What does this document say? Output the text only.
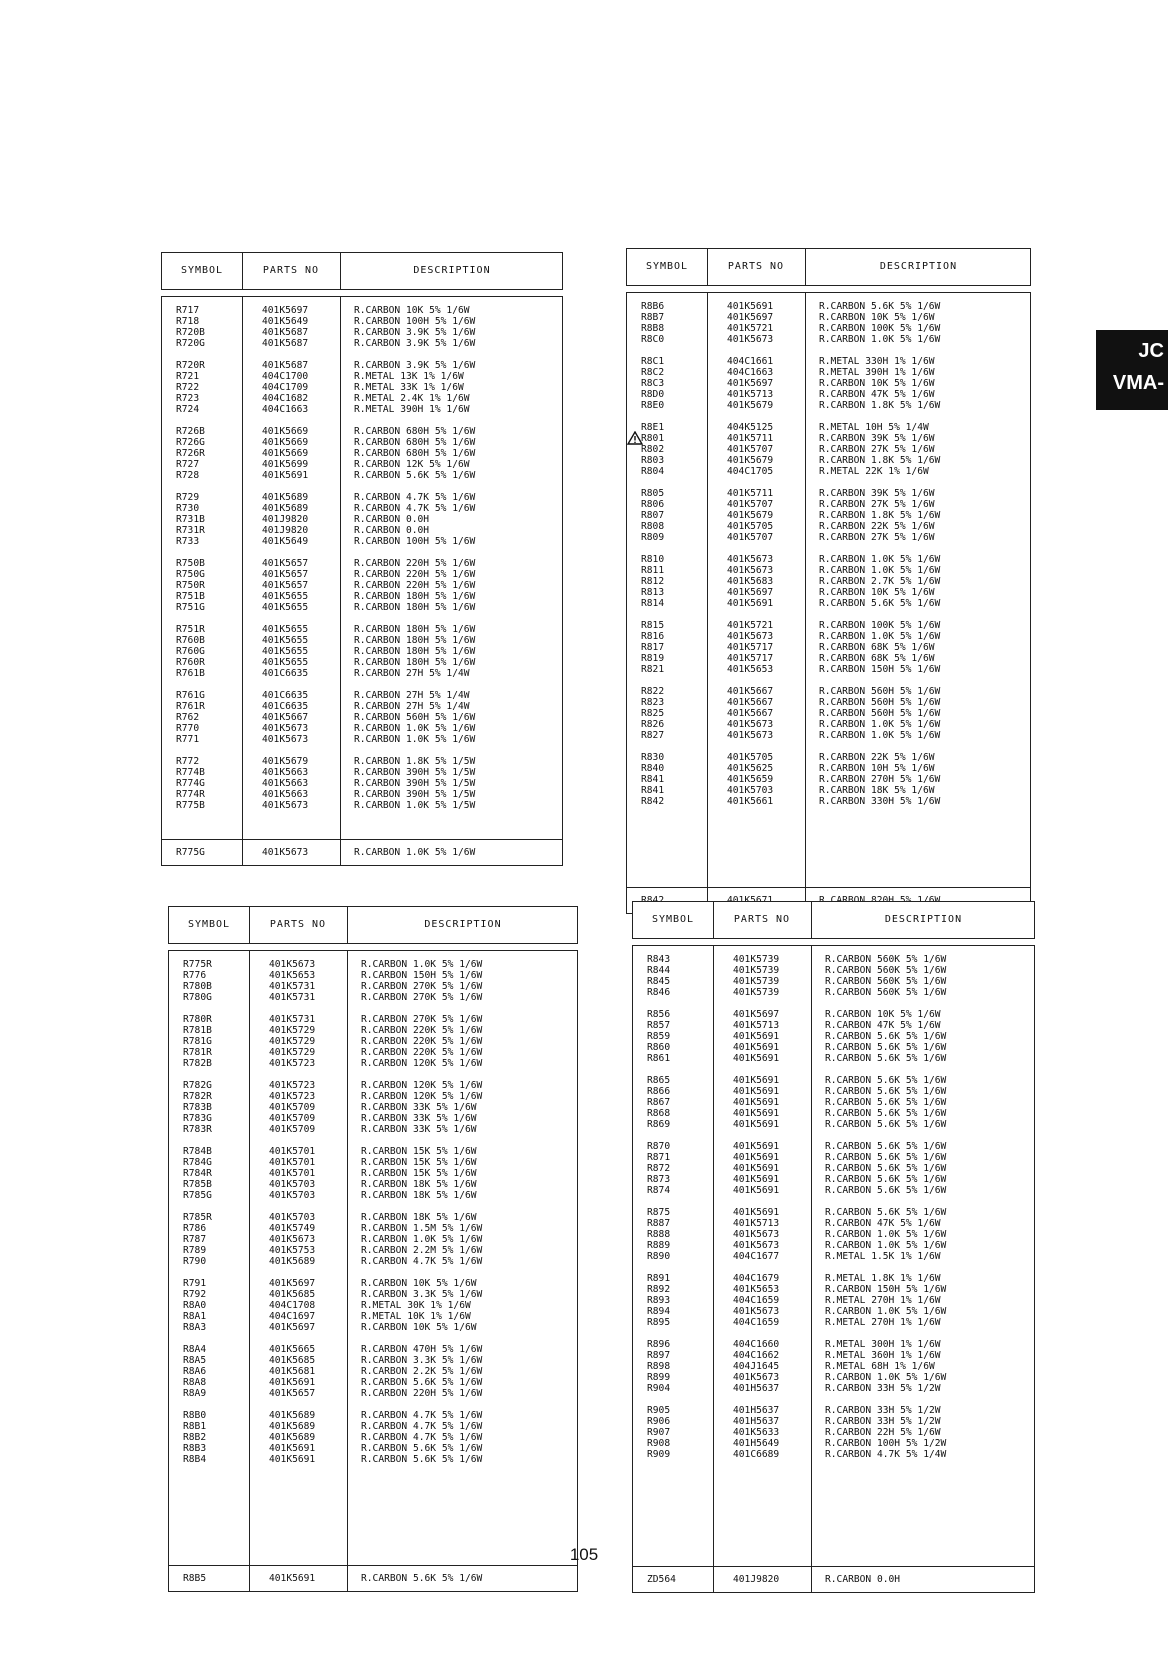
SYMBOL	PARTS NO	DESCRIPTION
R717	401K5697	R.CARBON 10K 5% 1/6W
R718	401K5649	R.CARBON 100H 5% 1/6W
R720B	401K5687	R.CARBON 3.9K 5% 1/6W
R720G	401K5687	R.CARBON 3.9K 5% 1/6W
R720R	401K5687	R.CARBON 3.9K 5% 1/6W
R721	404C1700	R.METAL 13K 1% 1/6W
R722	404C1709	R.METAL 33K 1% 1/6W
R723	404C1682	R.METAL 2.4K 1% 1/6W
R724	404C1663	R.METAL 390H 1% 1/6W
R726B	401K5669	R.CARBON 680H 5% 1/6W
R726G	401K5669	R.CARBON 680H 5% 1/6W
R726R	401K5669	R.CARBON 680H 5% 1/6W
R727	401K5699	R.CARBON 12K 5% 1/6W
R728	401K5691	R.CARBON 5.6K 5% 1/6W
R729	401K5689	R.CARBON 4.7K 5% 1/6W
R730	401K5689	R.CARBON 4.7K 5% 1/6W
R731B	401J9820	R.CARBON 0.0H
R731R	401J9820	R.CARBON 0.0H
R733	401K5649	R.CARBON 100H 5% 1/6W
R750B	401K5657	R.CARBON 220H 5% 1/6W
R750G	401K5657	R.CARBON 220H 5% 1/6W
R750R	401K5657	R.CARBON 220H 5% 1/6W
R751B	401K5655	R.CARBON 180H 5% 1/6W
R751G	401K5655	R.CARBON 180H 5% 1/6W
R751R	401K5655	R.CARBON 180H 5% 1/6W
R760B	401K5655	R.CARBON 180H 5% 1/6W
R760G	401K5655	R.CARBON 180H 5% 1/6W
R760R	401K5655	R.CARBON 180H 5% 1/6W
R761B	401C6635	R.CARBON 27H 5% 1/4W
R761G	401C6635	R.CARBON 27H 5% 1/4W
R761R	401C6635	R.CARBON 27H 5% 1/4W
R762	401K5667	R.CARBON 560H 5% 1/6W
R770	401K5673	R.CARBON 1.0K 5% 1/6W
R771	401K5673	R.CARBON 1.0K 5% 1/6W
R772	401K5679	R.CARBON 1.8K 5% 1/5W
R774B	401K5663	R.CARBON 390H 5% 1/5W
R774G	401K5663	R.CARBON 390H 5% 1/5W
R774R	401K5663	R.CARBON 390H 5% 1/5W
R775B	401K5673	R.CARBON 1.0K 5% 1/5W
R775G	401K5673	R.CARBON 1.0K 5% 1/6W
SYMBOL	PARTS NO	DESCRIPTION
R8B6	401K5691	R.CARBON 5.6K 5% 1/6W
R8B7	401K5697	R.CARBON 10K 5% 1/6W
R8B8	401K5721	R.CARBON 100K 5% 1/6W
R8C0	401K5673	R.CARBON 1.0K 5% 1/6W
R8C1	404C1661	R.METAL 330H 1% 1/6W
R8C2	404C1663	R.METAL 390H 1% 1/6W
R8C3	401K5697	R.CARBON 10K 5% 1/6W
R8D0	401K5713	R.CARBON 47K 5% 1/6W
R8E0	401K5679	R.CARBON 1.8K 5% 1/6W
R8E1	404K5125	R.METAL 10H 5% 1/4W
R801	401K5711	R.CARBON 39K 5% 1/6W
R802	401K5707	R.CARBON 27K 5% 1/6W
R803	401K5679	R.CARBON 1.8K 5% 1/6W
R804	404C1705	R.METAL 22K 1% 1/6W
R805	401K5711	R.CARBON 39K 5% 1/6W
R806	401K5707	R.CARBON 27K 5% 1/6W
R807	401K5679	R.CARBON 1.8K 5% 1/6W
R808	401K5705	R.CARBON 22K 5% 1/6W
R809	401K5707	R.CARBON 27K 5% 1/6W
R810	401K5673	R.CARBON 1.0K 5% 1/6W
R811	401K5673	R.CARBON 1.0K 5% 1/6W
R812	401K5683	R.CARBON 2.7K 5% 1/6W
R813	401K5697	R.CARBON 10K 5% 1/6W
R814	401K5691	R.CARBON 5.6K 5% 1/6W
R815	401K5721	R.CARBON 100K 5% 1/6W
R816	401K5673	R.CARBON 1.0K 5% 1/6W
R817	401K5717	R.CARBON 68K 5% 1/6W
R819	401K5717	R.CARBON 68K 5% 1/6W
R821	401K5653	R.CARBON 150H 5% 1/6W
R822	401K5667	R.CARBON 560H 5% 1/6W
R823	401K5667	R.CARBON 560H 5% 1/6W
R825	401K5667	R.CARBON 560H 5% 1/6W
R826	401K5673	R.CARBON 1.0K 5% 1/6W
R827	401K5673	R.CARBON 1.0K 5% 1/6W
R830	401K5705	R.CARBON 22K 5% 1/6W
R840	401K5625	R.CARBON 10H 5% 1/6W
R841	401K5659	R.CARBON 270H 5% 1/6W
R841	401K5703	R.CARBON 18K 5% 1/6W
R842	401K5661	R.CARBON 330H 5% 1/6W
SYMBOL	PARTS NO	DESCRIPTION
R775R	401K5673	R.CARBON 1.0K 5% 1/6W
R776	401K5653	R.CARBON 150H 5% 1/6W
R780B	401K5731	R.CARBON 270K 5% 1/6W
R780G	401K5731	R.CARBON 270K 5% 1/6W
R780R	401K5731	R.CARBON 270K 5% 1/6W
R781B	401K5729	R.CARBON 220K 5% 1/6W
R781G	401K5729	R.CARBON 220K 5% 1/6W
R781R	401K5729	R.CARBON 220K 5% 1/6W
R782B	401K5723	R.CARBON 120K 5% 1/6W
R782G	401K5723	R.CARBON 120K 5% 1/6W
R782R	401K5723	R.CARBON 120K 5% 1/6W
R783B	401K5709	R.CARBON 33K 5% 1/6W
R783G	401K5709	R.CARBON 33K 5% 1/6W
R783R	401K5709	R.CARBON 33K 5% 1/6W
R784B	401K5701	R.CARBON 15K 5% 1/6W
R784G	401K5701	R.CARBON 15K 5% 1/6W
R784R	401K5701	R.CARBON 15K 5% 1/6W
R785B	401K5703	R.CARBON 18K 5% 1/6W
R785G	401K5703	R.CARBON 18K 5% 1/6W
R785R	401K5703	R.CARBON 18K 5% 1/6W
R786	401K5749	R.CARBON 1.5M 5% 1/6W
R787	401K5673	R.CARBON 1.0K 5% 1/6W
R789	401K5753	R.CARBON 2.2M 5% 1/6W
R790	401K5689	R.CARBON 4.7K 5% 1/6W
R791	401K5697	R.CARBON 10K 5% 1/6W
R792	401K5685	R.CARBON 3.3K 5% 1/6W
R8A0	404C1708	R.METAL 30K 1% 1/6W
R8A1	404C1697	R.METAL 10K 1% 1/6W
R8A3	401K5697	R.CARBON 10K 5% 1/6W
R8A4	401K5665	R.CARBON 470H 5% 1/6W
R8A5	401K5685	R.CARBON 3.3K 5% 1/6W
R8A6	401K5681	R.CARBON 2.2K 5% 1/6W
R8A8	401K5691	R.CARBON 5.6K 5% 1/6W
R8A9	401K5657	R.CARBON 220H 5% 1/6W
R8B0	401K5689	R.CARBON 4.7K 5% 1/6W
R8B1	401K5689	R.CARBON 4.7K 5% 1/6W
R8B2	401K5689	R.CARBON 4.7K 5% 1/6W
R8B3	401K5691	R.CARBON 5.6K 5% 1/6W
R8B4	401K5691	R.CARBON 5.6K 5% 1/6W
R8B5	401K5691	R.CARBON 5.6K 5% 1/6W
SYMBOL	PARTS NO	DESCRIPTION
R843	401K5739	R.CARBON 560K 5% 1/6W
R844	401K5739	R.CARBON 560K 5% 1/6W
R845	401K5739	R.CARBON 560K 5% 1/6W
R846	401K5739	R.CARBON 560K 5% 1/6W
R856	401K5697	R.CARBON 10K 5% 1/6W
R857	401K5713	R.CARBON 47K 5% 1/6W
R859	401K5691	R.CARBON 5.6K 5% 1/6W
R860	401K5691	R.CARBON 5.6K 5% 1/6W
R861	401K5691	R.CARBON 5.6K 5% 1/6W
R865	401K5691	R.CARBON 5.6K 5% 1/6W
R866	401K5691	R.CARBON 5.6K 5% 1/6W
R867	401K5691	R.CARBON 5.6K 5% 1/6W
R868	401K5691	R.CARBON 5.6K 5% 1/6W
R869	401K5691	R.CARBON 5.6K 5% 1/6W
R870	401K5691	R.CARBON 5.6K 5% 1/6W
R871	401K5691	R.CARBON 5.6K 5% 1/6W
R872	401K5691	R.CARBON 5.6K 5% 1/6W
R873	401K5691	R.CARBON 5.6K 5% 1/6W
R874	401K5691	R.CARBON 5.6K 5% 1/6W
R875	401K5691	R.CARBON 5.6K 5% 1/6W
R887	401K5713	R.CARBON 47K 5% 1/6W
R888	401K5673	R.CARBON 1.0K 5% 1/6W
R889	401K5673	R.CARBON 1.0K 5% 1/6W
R890	404C1677	R.METAL 1.5K 1% 1/6W
R891	404C1679	R.METAL 1.8K 1% 1/6W
R892	401K5653	R.CARBON 150H 5% 1/6W
R893	404C1659	R.METAL 270H 1% 1/6W
R894	401K5673	R.CARBON 1.0K 5% 1/6W
R895	404C1659	R.METAL 270H 1% 1/6W
R896	404C1660	R.METAL 300H 1% 1/6W
R897	404C1662	R.METAL 360H 1% 1/6W
R898	404J1645	R.METAL 68H 1% 1/6W
R899	401K5673	R.CARBON 1.0K 5% 1/6W
R904	401H5637	R.CARBON 33H 5% 1/2W
R905	401H5637	R.CARBON 33H 5% 1/2W
R906	401H5637	R.CARBON 33H 5% 1/2W
R907	401K5633	R.CARBON 22H 5% 1/6W
R908	401H5649	R.CARBON 100H 5% 1/2W
R909	401C6689	R.CARBON 4.7K 5% 1/4W
ZD564	401J9820	R.CARBON 0.0H
JC
VMA-
105
